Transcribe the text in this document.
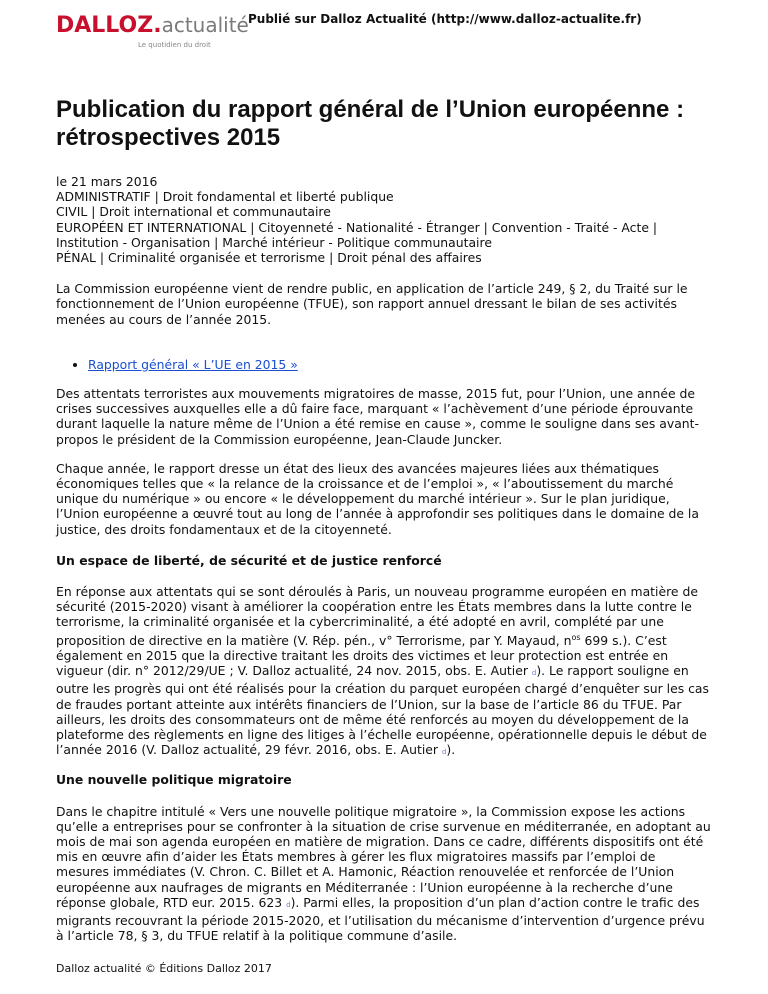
DALLOZ.actualité
Le quotidien du droit
Publié sur Dalloz Actualité (http://www.dalloz-actualite.fr)
Publication du rapport général de l’Union européenne : rétrospectives 2015
le 21 mars 2016
ADMINISTRATIF | Droit fondamental et liberté publique
CIVIL | Droit international et communautaire
EUROPÉEN ET INTERNATIONAL | Citoyenneté - Nationalité - Étranger | Convention - Traité - Acte |
Institution - Organisation | Marché intérieur - Politique communautaire
PÉNAL | Criminalité organisée et terrorisme | Droit pénal des affaires

La Commission européenne vient de rendre public, en application de l’article 249, § 2, du Traité sur le fonctionnement de l’Union européenne (TFUE), son rapport annuel dressant le bilan de ses activités menées au cours de l’année 2015.

• Rapport général « L’UE en 2015 »

Des attentats terroristes aux mouvements migratoires de masse, 2015 fut, pour l’Union, une année de crises successives auxquelles elle a dû faire face, marquant « l’achèvement d’une période éprouvante durant laquelle la nature même de l’Union a été remise en cause », comme le souligne dans ses avant-propos le président de la Commission européenne, Jean-Claude Juncker.

Chaque année, le rapport dresse un état des lieux des avancées majeures liées aux thématiques économiques telles que « la relance de la croissance et de l’emploi », « l’aboutissement du marché unique du numérique » ou encore « le développement du marché intérieur ». Sur le plan juridique, l’Union européenne a œuvré tout au long de l’année à approfondir ses politiques dans le domaine de la justice, des droits fondamentaux et de la citoyenneté.

Un espace de liberté, de sécurité et de justice renforcé

En réponse aux attentats qui se sont déroulés à Paris, un nouveau programme européen en matière de sécurité (2015-2020) visant à améliorer la coopération entre les États membres dans la lutte contre le terrorisme, la criminalité organisée et la cybercriminalité, a été adopté en avril, complété par une proposition de directive en la matière (V. Rép. pén., v° Terrorisme, par Y. Mayaud, $n^{os}$ 699 s.). C’est également en 2015 que la directive traitant les droits des victimes et leur protection est entrée en vigueur (dir. n° 2012/29/UE ; V. Dalloz actualité, 24 nov. 2015, obs. E. Autier d). Le rapport souligne en outre les progrès qui ont été réalisés pour la création du parquet européen chargé d’enquêter sur les cas de fraudes portant atteinte aux intérêts financiers de l’Union, sur la base de l’article 86 du TFUE. Par ailleurs, les droits des consommateurs ont de même été renforcés au moyen du développement de la plateforme des règlements en ligne des litiges à l’échelle européenne, opérationnelle depuis le début de l’année 2016 (V. Dalloz actualité, 29 févr. 2016, obs. E. Autier d).

Une nouvelle politique migratoire

Dans le chapitre intitulé « Vers une nouvelle politique migratoire », la Commission expose les actions qu’elle a entreprises pour se confronter à la situation de crise survenue en méditerranée, en adoptant au mois de mai son agenda européen en matière de migration. Dans ce cadre, différents dispositifs ont été mis en œuvre afin d’aider les États membres à gérer les flux migratoires massifs par l’emploi de mesures immédiates (V. Chron. C. Billet et A. Hamonic, Réaction renouvelée et renforcée de l’Union européenne aux naufrages de migrants en Méditerranée : l’Union européenne à la recherche d’une réponse globale, RTD eur. 2015. 623 d). Parmi elles, la proposition d’un plan d’action contre le trafic des migrants recouvrant la période 2015-2020, et l’utilisation du mécanisme d’intervention d’urgence prévu à l’article 78, § 3, du TFUE relatif à la politique commune d’asile.

Dalloz actualité © Éditions Dalloz 2017
